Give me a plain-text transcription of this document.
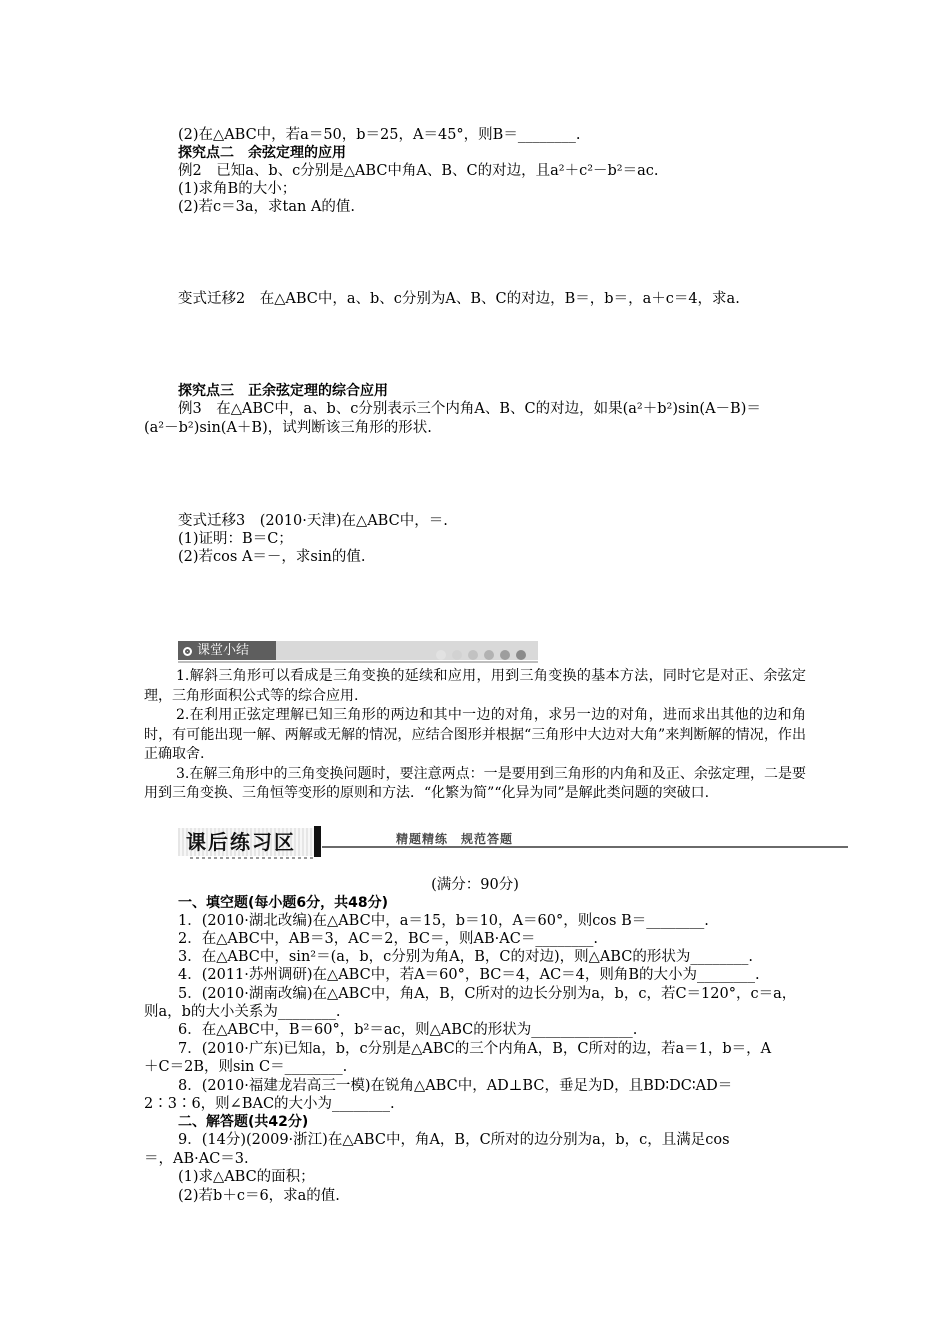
(2)在△ABC中，若a＝50，b＝25，A＝45°，则B＝________.
探究点二　余弦定理的应用
例2　已知a、b、c分别是△ABC中角A、B、C的对边，且a²＋c²－b²＝ac.
(1)求角B的大小；
(2)若c＝3a，求tan A的值.
变式迁移2　在△ABC中，a、b、c分别为A、B、C的对边，B＝，b＝，a＋c＝4，求a.
探究点三　正余弦定理的综合应用
例3　在△ABC中，a、b、c分别表示三个内角A、B、C的对边，如果(a²＋b²)sin(A－B)＝
(a²－b²)sin(A＋B)，试判断该三角形的形状.
变式迁移3　(2010·天津)在△ABC中，＝.
(1)证明：B＝C；
(2)若cos A＝－，求sin的值.
课堂小结

1.解斜三角形可以看成是三角变换的延续和应用，用到三角变换的基本方法，同时它是对正、余弦定理，三角形面积公式等的综合应用.

2.在利用正弦定理解已知三角形的两边和其中一边的对角，求另一边的对角，进而求出其他的边和角时，有可能出现一解、两解或无解的情况，应结合图形并根据“三角形中大边对大角”来判断解的情况，作出正确取舍.

3.在解三角形中的三角变换问题时，要注意两点：一是要用到三角形的内角和及正、余弦定理，二是要用到三角变换、三角恒等变形的原则和方法．“化繁为简”“化异为同”是解此类问题的突破口.

课后练习区	精题精练　规范答题
(满分：90分)
一、填空题(每小题6分，共48分)
1．(2010·湖北改编)在△ABC中，a＝15，b＝10，A＝60°，则cos B＝________.
2．在△ABC中，AB＝3，AC＝2，BC＝，则AB·AC＝________.
3．在△ABC中，sin²＝(a，b，c分别为角A，B，C的对边)，则△ABC的形状为________.
4．(2011·苏州调研)在△ABC中，若A＝60°，BC＝4，AC＝4，则角B的大小为________.
5．(2010·湖南改编)在△ABC中，角A，B，C所对的边长分别为a，b，c，若C＝120°，c＝a，
则a，b的大小关系为________.
6．在△ABC中，B＝60°，b²＝ac，则△ABC的形状为______________.
7．(2010·广东)已知a，b，c分别是△ABC的三个内角A，B，C所对的边，若a＝1，b＝，A
＋C＝2B，则sin C＝________.
8．(2010·福建龙岩高三一模)在锐角△ABC中，AD⊥BC，垂足为D，且BD∶DC∶AD＝
2∶3∶6，则∠BAC的大小为________.
二、解答题(共42分)
9．(14分)(2009·浙江)在△ABC中，角A，B，C所对的边分别为a，b，c，且满足cos
＝，AB·AC＝3.
(1)求△ABC的面积；
(2)若b＋c＝6，求a的值.
